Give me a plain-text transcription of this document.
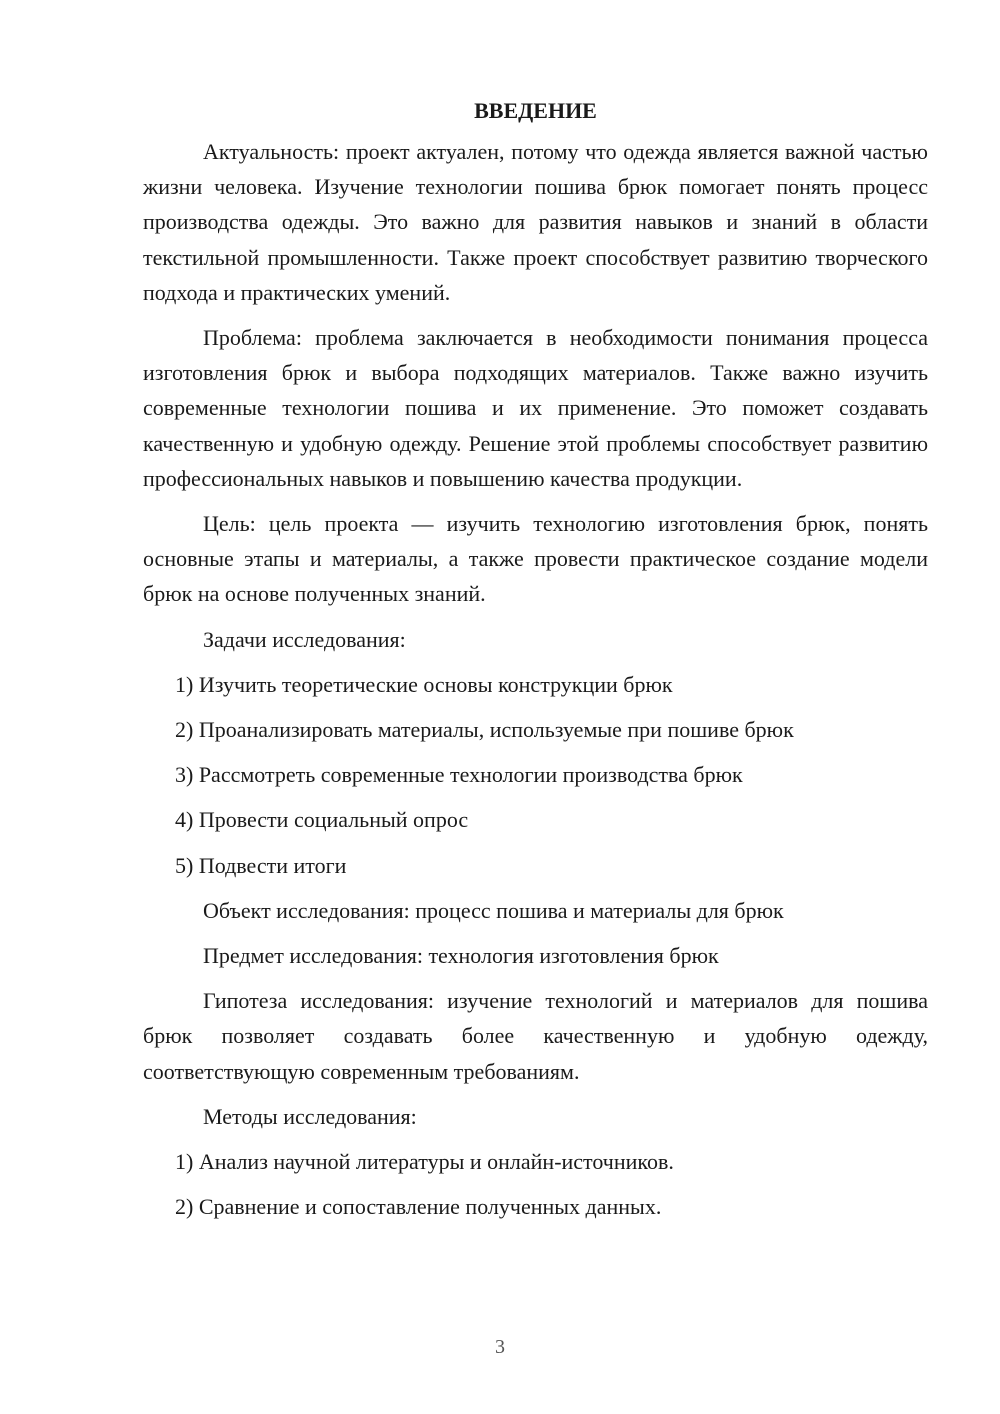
ВВЕДЕНИЕ

Актуальность: проект актуален, потому что одежда является важной частью жизни человека. Изучение технологии пошива брюк помогает понять процесс производства одежды. Это важно для развития навыков и знаний в области текстильной промышленности. Также проект способствует развитию творческого подхода и практических умений.

Проблема: проблема заключается в необходимости понимания процесса изготовления брюк и выбора подходящих материалов. Также важно изучить современные технологии пошива и их применение. Это поможет создавать качественную и удобную одежду. Решение этой проблемы способствует развитию профессиональных навыков и повышению качества продукции.

Цель: цель проекта — изучить технологию изготовления брюк, понять основные этапы и материалы, а также провести практическое создание модели брюк на основе полученных знаний.

Задачи исследования:

1) Изучить теоретические основы конструкции брюк

2) Проанализировать материалы, используемые при пошиве брюк

3) Рассмотреть современные технологии производства брюк

4) Провести социальный опрос

5) Подвести итоги

Объект исследования: процесс пошива и материалы для брюк

Предмет исследования: технология изготовления брюк

Гипотеза исследования: изучение технологий и материалов для пошива брюк позволяет создавать более качественную и удобную одежду, соответствующую современным требованиям.

Методы исследования:

1) Анализ научной литературы и онлайн-источников.

2) Сравнение и сопоставление полученных данных.

3
